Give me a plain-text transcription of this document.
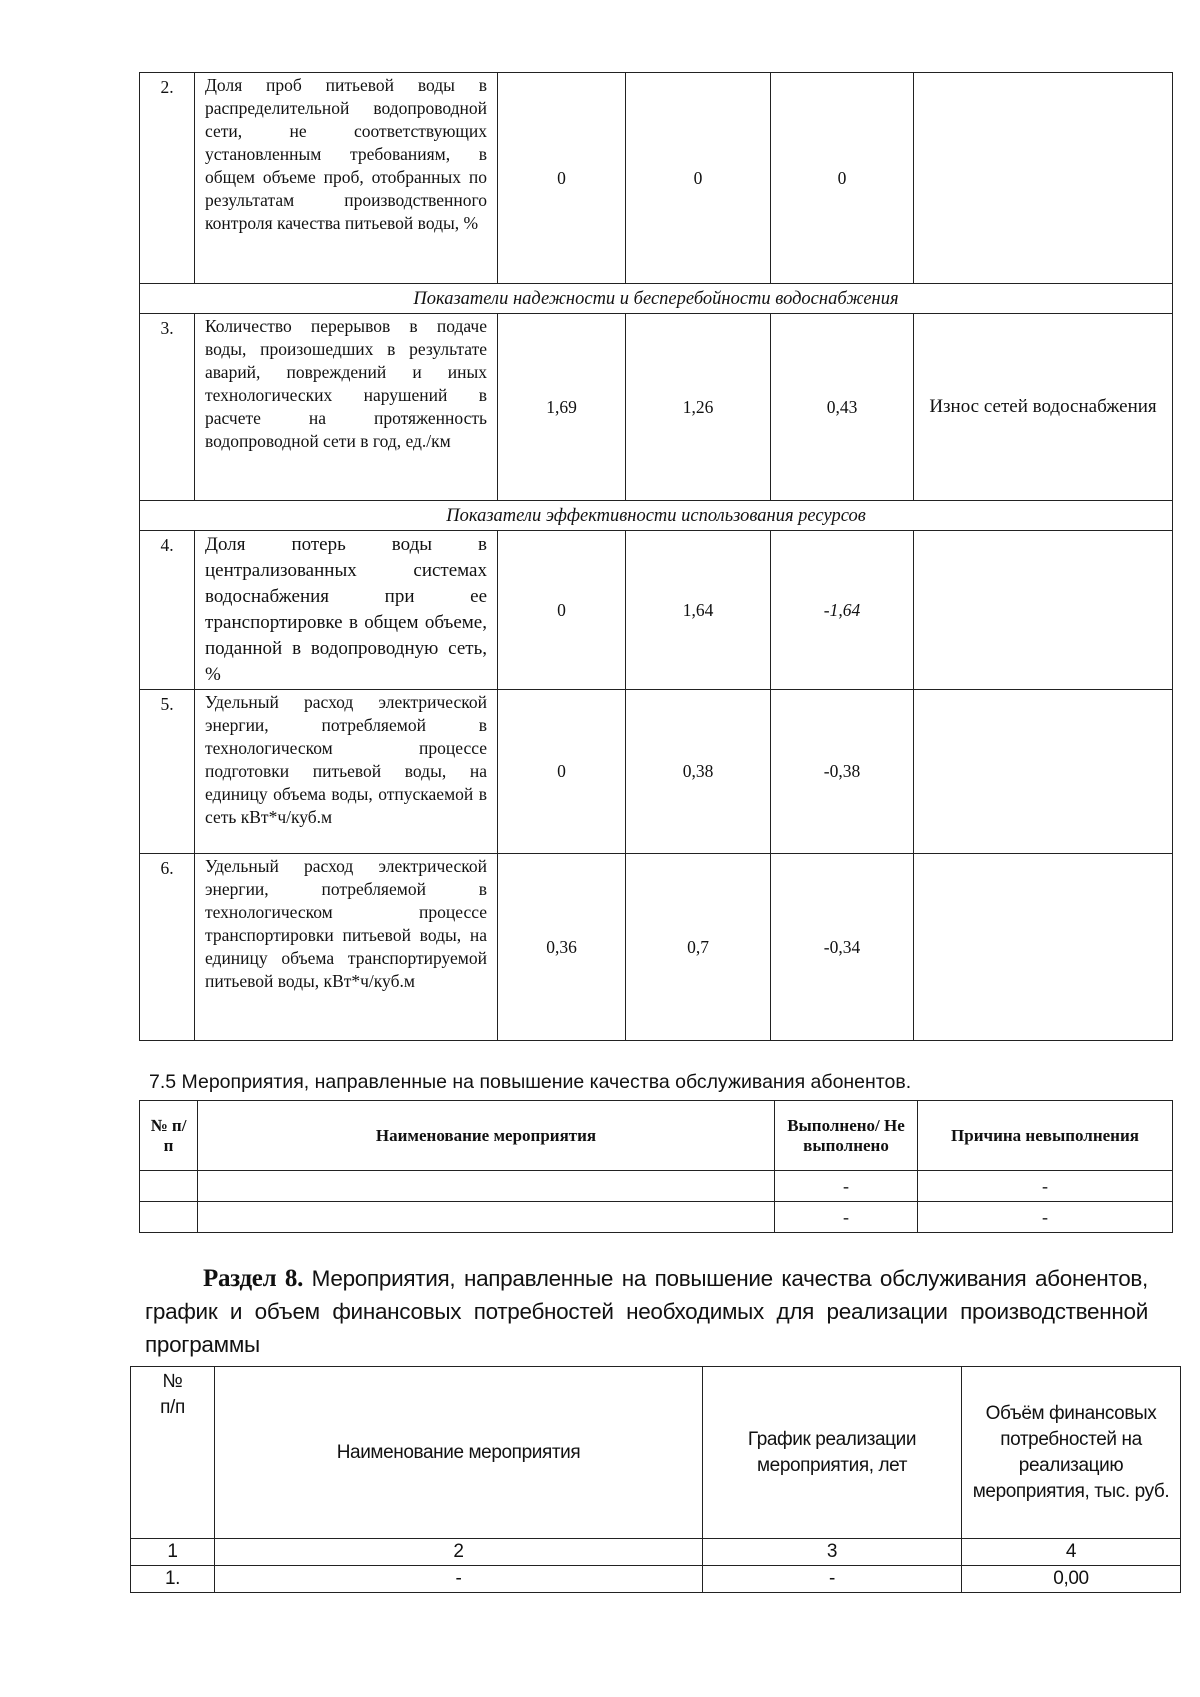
2.	Доля проб питьевой воды в распределительной водопроводной сети, не соответствующих установленным требованиям, в общем объеме проб, отобранных по результатам производственного контроля качества питьевой воды, %	0	0	0	
Показатели надежности и бесперебойности водоснабжения					
3.	Количество перерывов в подаче воды, произошедших в результате аварий, повреждений и иных технологических нарушений в расчете на протяженность водопроводной сети в год, ед./км	1,69	1,26	0,43	Износ сетей водоснабжения
Показатели эффективности использования ресурсов					
4.	Доля потерь воды в централизованных системах водоснабжения при ее транспортировке в общем объеме, поданной в водопроводную сеть, %	0	1,64	-1,64	
5.	Удельный расход электрической энергии, потребляемой в технологическом процессе подготовки питьевой воды, на единицу объема воды, отпускаемой в сеть кВт*ч/куб.м	0	0,38	-0,38	
6.	Удельный расход электрической энергии, потребляемой в технологическом процессе транспортировки питьевой воды, на единицу объема транспортируемой питьевой воды, кВт*ч/куб.м	0,36	0,7	-0,34	
7.5 Мероприятия, направленные на повышение качества обслуживания абонентов.
№ п/п	Наименование мероприятия	Выполнено/ Не выполнено	Причина невыполнения
		-	-
		-	-
Раздел 8. Мероприятия, направленные на повышение качества обслуживания абонентов, график и объем финансовых потребностей необходимых для реализации производственной программы
№ п/п	Наименование мероприятия	График реализации мероприятия, лет	Объём финансовых потребностей на реализацию мероприятия, тыс. руб.
1	2	3	4
1.	-	-	0,00
